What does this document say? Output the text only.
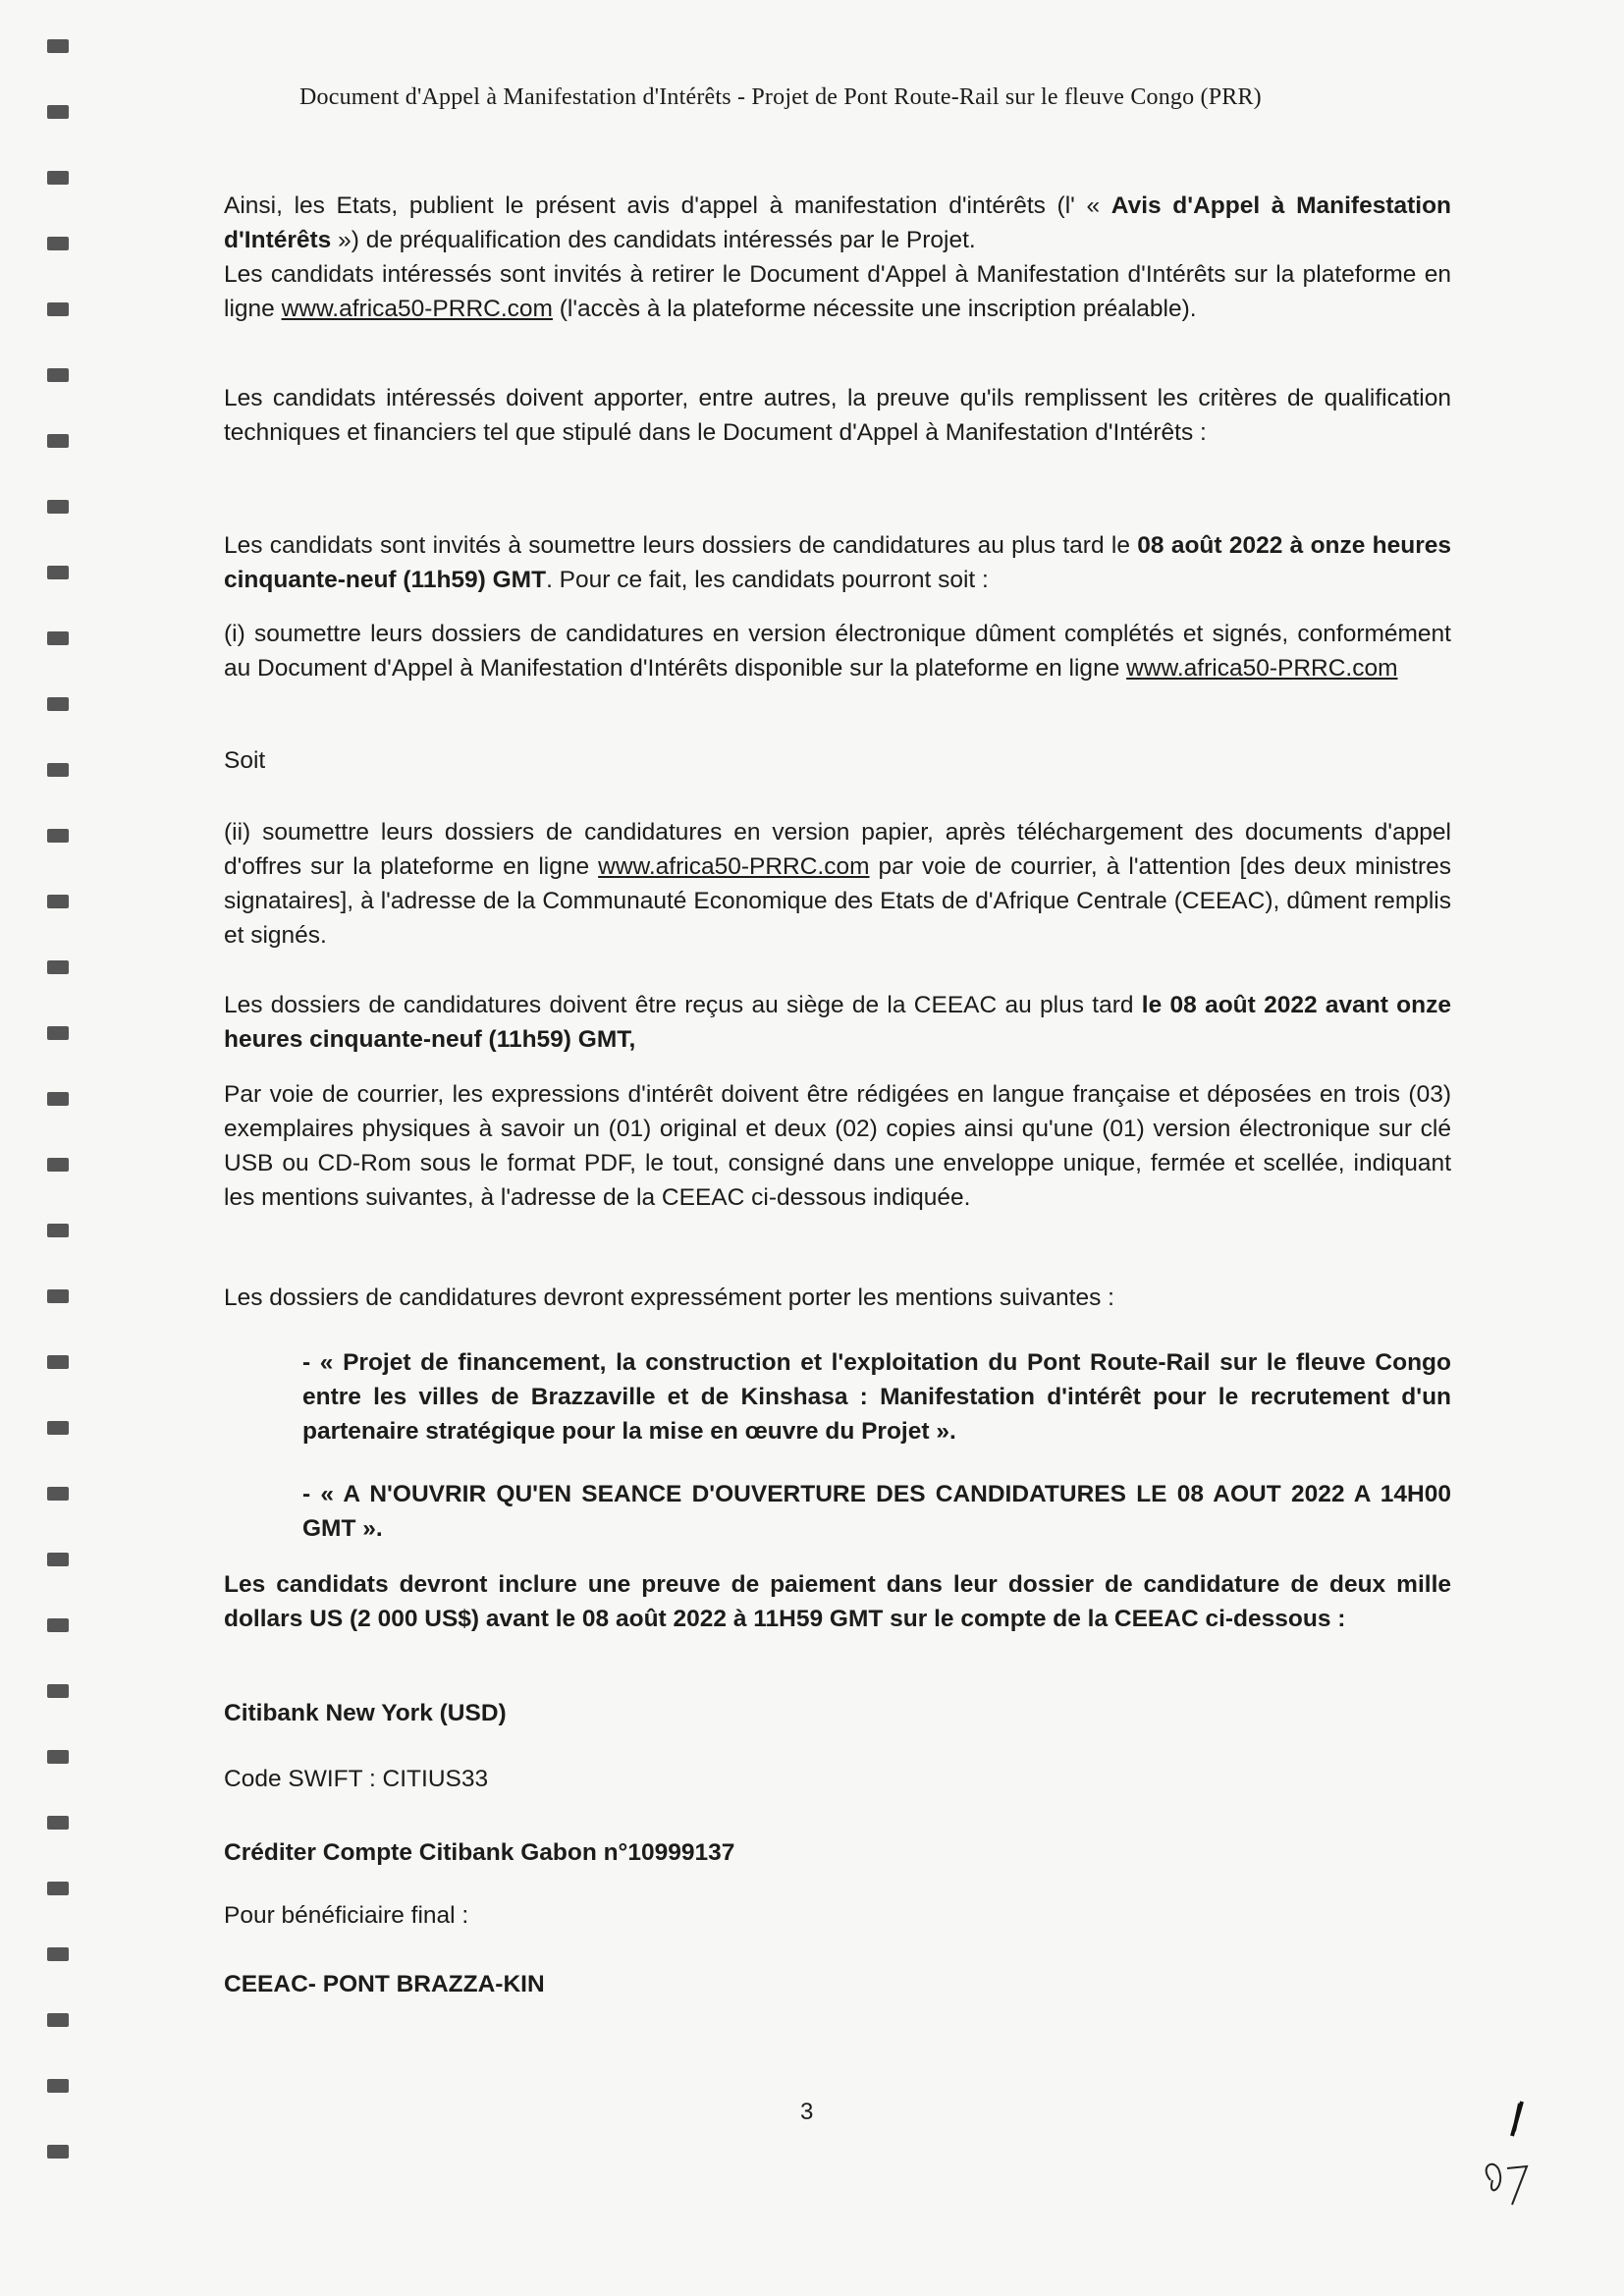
Document d'Appel à Manifestation d'Intérêts - Projet de Pont Route-Rail sur le fleuve Congo (PRR)
Ainsi, les Etats, publient le présent avis d'appel à manifestation d'intérêts (l' « Avis d'Appel à Manifestation d'Intérêts ») de préqualification des candidats intéressés par le Projet.
Les candidats intéressés sont invités à retirer le Document d'Appel à Manifestation d'Intérêts sur la plateforme en ligne www.africa50-PRRC.com (l'accès à la plateforme nécessite une inscription préalable).
Les candidats intéressés doivent apporter, entre autres, la preuve qu'ils remplissent les critères de qualification techniques et financiers tel que stipulé dans le Document d'Appel à Manifestation d'Intérêts :
Les candidats sont invités à soumettre leurs dossiers de candidatures au plus tard le 08 août 2022 à onze heures cinquante-neuf (11h59) GMT. Pour ce fait, les candidats pourront soit :
(i) soumettre leurs dossiers de candidatures en version électronique dûment complétés et signés, conformément au Document d'Appel à Manifestation d'Intérêts disponible sur la plateforme en ligne www.africa50-PRRC.com
Soit
(ii) soumettre leurs dossiers de candidatures en version papier, après téléchargement des documents d'appel d'offres sur la plateforme en ligne www.africa50-PRRC.com par voie de courrier, à l'attention [des deux ministres signataires], à l'adresse de la Communauté Economique des Etats de d'Afrique Centrale (CEEAC), dûment remplis et signés.
Les dossiers de candidatures doivent être reçus au siège de la CEEAC au plus tard le 08 août 2022 avant onze heures cinquante-neuf (11h59) GMT,
Par voie de courrier, les expressions d'intérêt doivent être rédigées en langue française et déposées en trois (03) exemplaires physiques à savoir un (01) original et deux (02) copies ainsi qu'une (01) version électronique sur clé USB ou CD-Rom sous le format PDF, le tout, consigné dans une enveloppe unique, fermée et scellée, indiquant les mentions suivantes, à l'adresse de la CEEAC ci-dessous indiquée.
Les dossiers de candidatures devront expressément porter les mentions suivantes :
- « Projet de financement, la construction et l'exploitation du Pont Route-Rail sur le fleuve Congo entre les villes de Brazzaville et de Kinshasa : Manifestation d'intérêt pour le recrutement d'un partenaire stratégique pour la mise en œuvre du Projet ».
- « A N'OUVRIR QU'EN SEANCE D'OUVERTURE DES CANDIDATURES LE 08 AOUT 2022 A 14H00 GMT ».
Les candidats devront inclure une preuve de paiement dans leur dossier de candidature de deux mille dollars US (2 000 US$) avant le 08 août 2022 à 11H59 GMT sur le compte de la CEEAC ci-dessous :
Citibank New York (USD)
Code SWIFT : CITIUS33
Créditer Compte Citibank Gabon n°10999137
Pour bénéficiaire final :
CEEAC- PONT BRAZZA-KIN
3
